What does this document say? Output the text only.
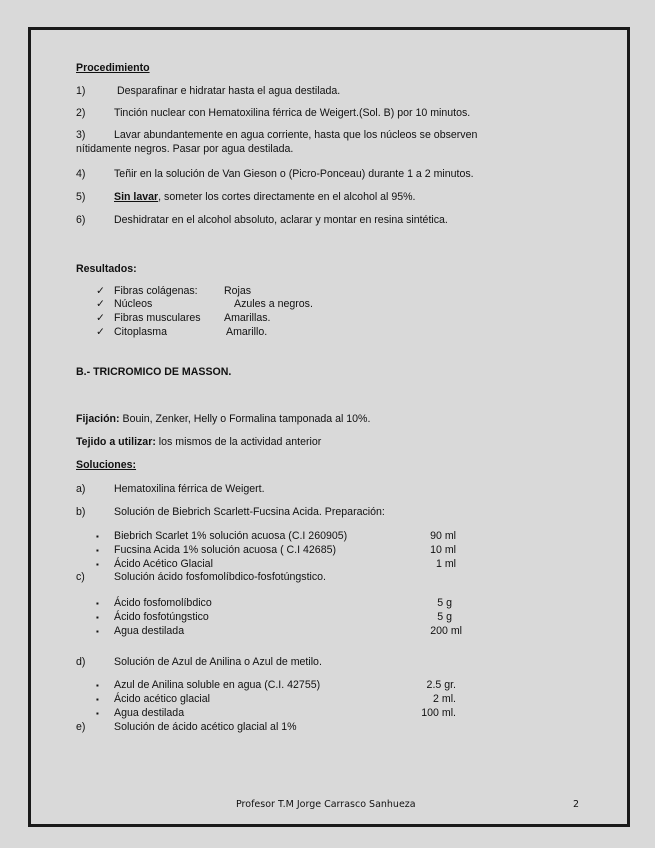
Procedimiento
1)	Desparafinar e hidratar hasta el agua destilada.
2)	Tinción nuclear con Hematoxilina férrica de Weigert.(Sol. B) por 10 minutos.
3)	Lavar abundantemente en agua corriente, hasta que los núcleos se observen
nítidamente negros. Pasar por agua destilada.
4)	Teñir en la solución de Van Gieson o (Picro-Ponceau) durante 1 a 2 minutos.
5)	Sin lavar, someter los cortes directamente en el alcohol al 95%.
6)	Deshidratar en el alcohol absoluto, aclarar y montar en resina sintética.
Resultados:
✓ Fibras colágenas: Rojas
✓ Núcleos	Azules a negros.
✓ Fibras musculares Amarillas.
✓ Citoplasma	Amarillo.
B.- TRICROMICO DE MASSON.
Fijación: Bouin, Zenker, Helly o Formalina tamponada al 10%.
Tejido a utilizar: los mismos de la actividad anterior
Soluciones:
a)	Hematoxilina férrica de Weigert.
b)	Solución de Biebrich Scarlett-Fucsina Acida. Preparación:
▪ Biebrich Scarlet 1% solución acuosa (C.I 260905)	90 ml
▪ Fucsina Acida 1% solución acuosa ( C.I 42685)	10 ml
▪ Ácido Acético Glacial	1 ml
c)	Solución ácido fosfomolíbdico-fosfotúngstico.
▪ Ácido fosfomolíbdico	5 g
▪ Ácido fosfotúngstico	5 g
▪ Agua destilada	200 ml
d)	Solución de Azul de Anilina o Azul de metilo.
▪ Azul de Anilina soluble en agua (C.I. 42755)	2.5 gr.
▪ Ácido acético glacial	2 ml.
▪ Agua destilada	100 ml.
e)	Solución de ácido acético glacial al 1%
Profesor T.M Jorge Carrasco Sanhueza	2
